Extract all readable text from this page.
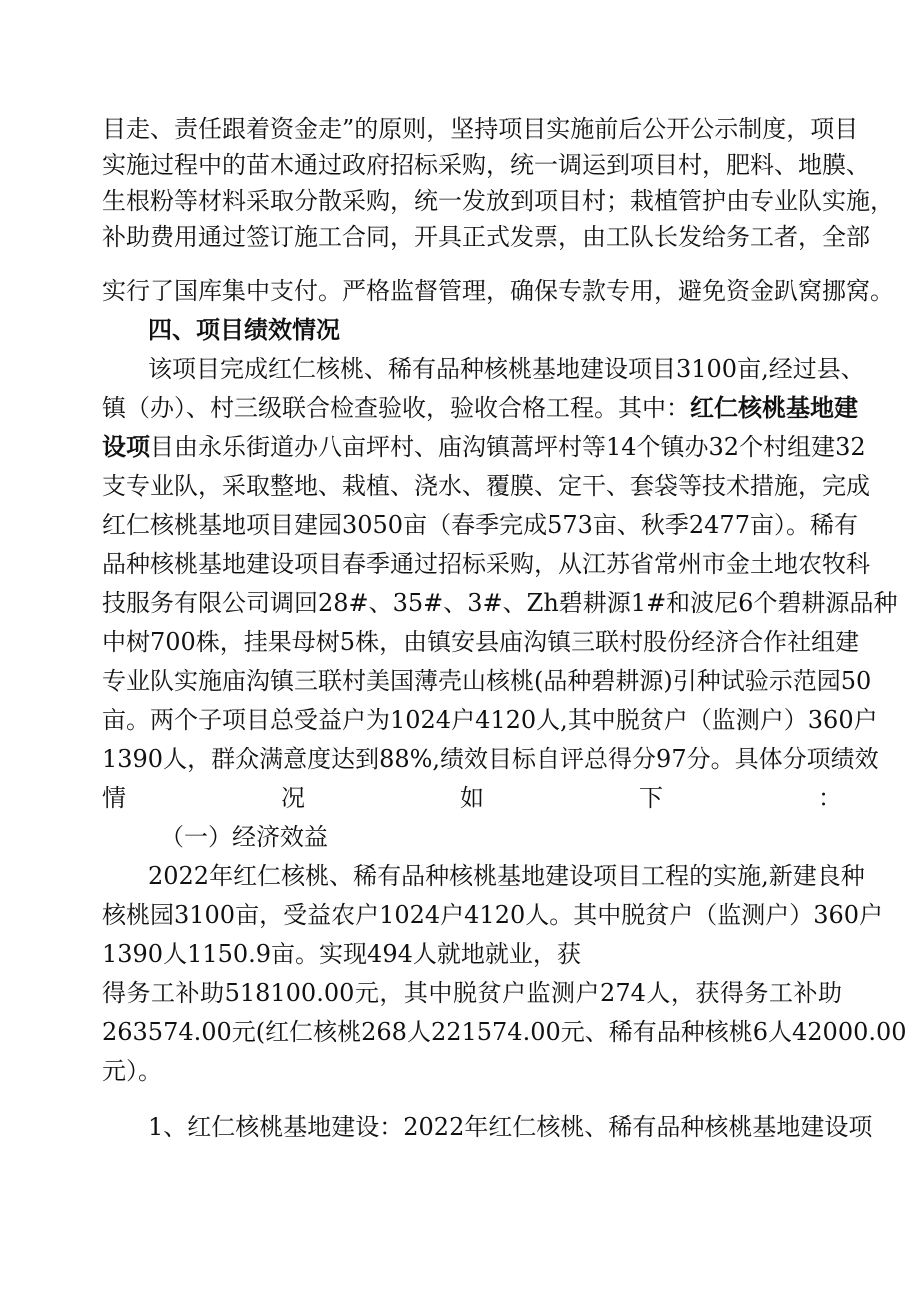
目走、责任跟着资金走”的原则，坚持项目实施前后公开公示制度，项目
实施过程中的苗木通过政府招标采购，统一调运到项目村，肥料、地膜、
生根粉等材料采取分散采购，统一发放到项目村；栽植管护由专业队实施，
补助费用通过签订施工合同，开具正式发票，由工队长发给务工者，全部
实行了国库集中支付。严格监督管理，确保专款专用，避免资金趴窝挪窝。
四、项目绩效情况
该项目完成红仁核桃、稀有品种核桃基地建设项目3100亩,经过县、
镇（办）、村三级联合检查验收，验收合格工程。其中：红仁核桃基地建
设项目由永乐街道办八亩坪村、庙沟镇蒿坪村等14个镇办32个村组建32
支专业队，采取整地、栽植、浇水、覆膜、定干、套袋等技术措施，完成
红仁核桃基地项目建园3050亩（春季完成573亩、秋季2477亩）。稀有
品种核桃基地建设项目春季通过招标采购，从江苏省常州市金土地农牧科
技服务有限公司调回28#、35#、3#、Zh碧耕源1#和波尼6个碧耕源品种
中树700株，挂果母树5株，由镇安县庙沟镇三联村股份经济合作社组建
专业队实施庙沟镇三联村美国薄壳山核桃(品种碧耕源)引种试验示范园50
亩。两个子项目总受益户为1024户4120人,其中脱贫户（监测户）360户
1390人，群众满意度达到88%,绩效目标自评总得分97分。具体分项绩效
情况如下：
（一）经济效益
2022年红仁核桃、稀有品种核桃基地建设项目工程的实施,新建良种
核桃园3100亩，受益农户1024户4120人。其中脱贫户（监测户）360户
1390人1150.9亩。实现494人就地就业，获
得务工补助518100.00元，其中脱贫户监测户274人，获得务工补助
263574.00元(红仁核桃268人221574.00元、稀有品种核桃6人42000.00
元）。
1、红仁核桃基地建设：2022年红仁核桃、稀有品种核桃基地建设项
